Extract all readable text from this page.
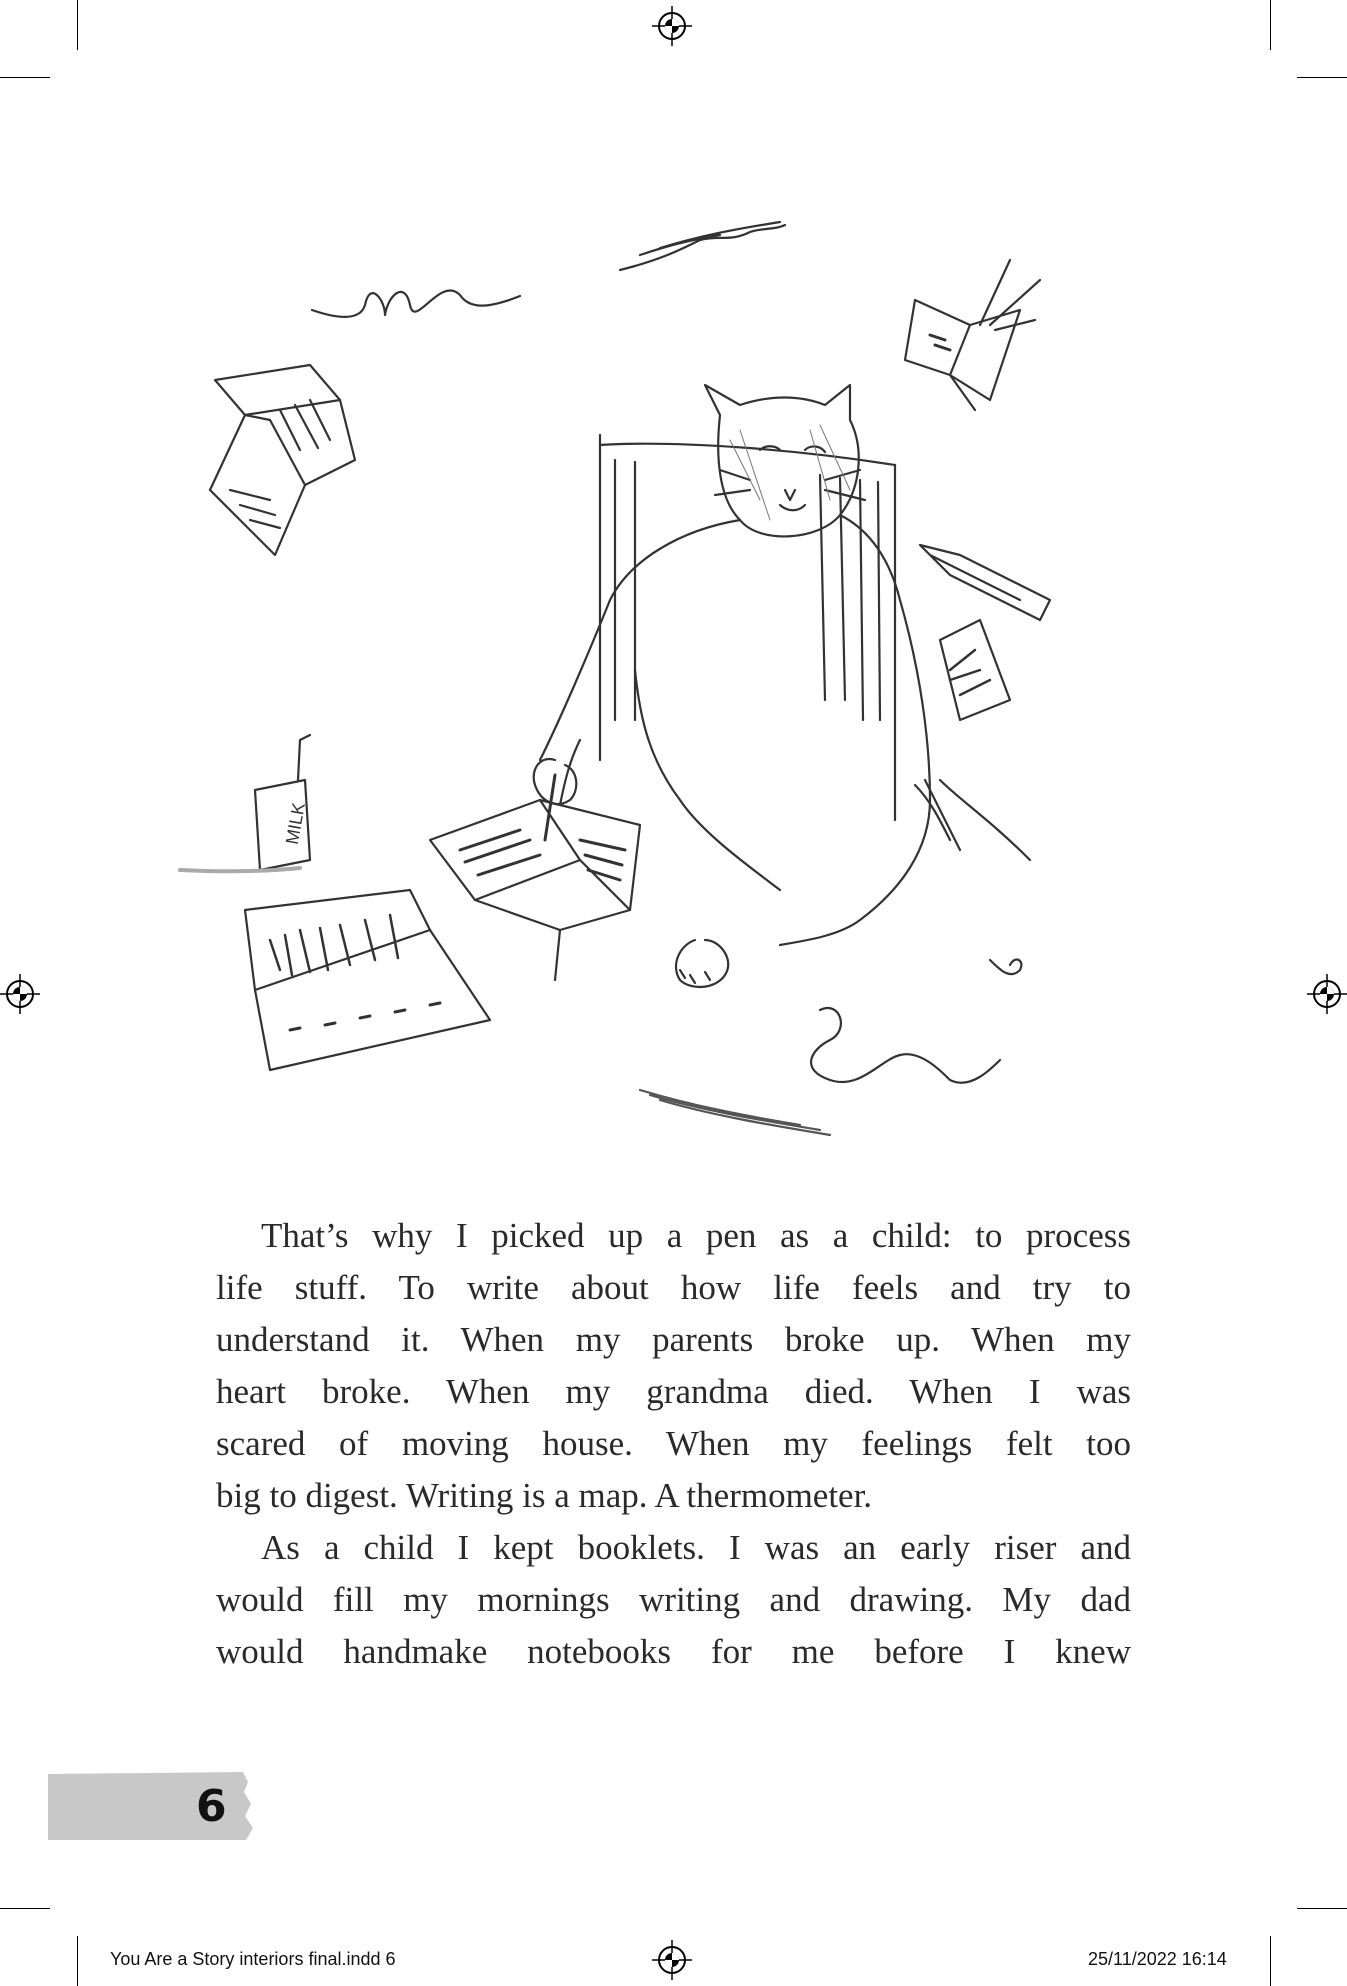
MILK
That’s why I picked up a pen as a child: to process
life stuff. To write about how life feels and try to
understand it. When my parents broke up. When my
heart broke. When my grandma died. When I was
scared of moving house. When my feelings felt too
big to digest. Writing is a map. A thermometer.
As a child I kept booklets. I was an early riser and
would fill my mornings writing and drawing. My dad
would handmake notebooks for me before I knew
6
You Are a Story interiors final.indd 6	25/11/2022 16:14
